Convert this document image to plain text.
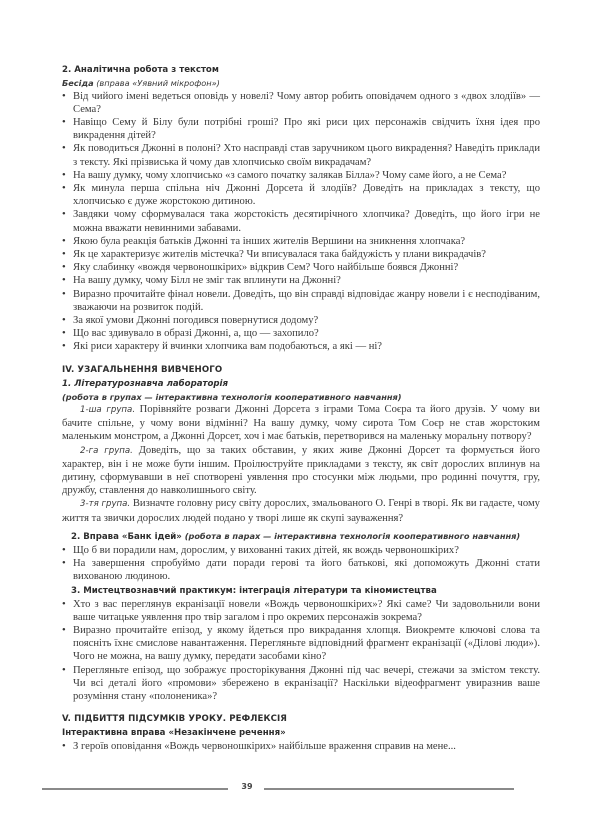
2. Аналітична робота з текстом
Бесіда (вправа «Уявний мікрофон»)
• Від чийого імені ведеться оповідь у новелі? Чому автор робить оповідачем одного з «двох злодіїв» — Сема?
• Навіщо Сему й Білу були потрібні гроші? Про які риси цих персонажів свідчить їхня ідея про викрадення дітей?
• Як поводиться Джонні в полоні? Хто насправді став заручником цього викрадення? Наведіть приклади з тексту. Які прізвиська й чому дав хлопчисько своїм викрадачам?
• На вашу думку, чому хлопчисько «з самого початку залякав Білла»? Чому саме його, а не Сема?
• Як минула перша спільна ніч Джонні Дорсета й злодіїв? Доведіть на прикладах з тексту, що хлопчисько є дуже жорстокою дитиною.
• Завдяки чому сформувалася така жорстокість десятирічного хлопчика? Доведіть, що його ігри не можна вважати невинними забавами.
• Якою була реакція батьків Джонні та інших жителів Вершини на зникнення хлопчака?
• Як це характеризує жителів містечка? Чи вписувалася така байдужість у плани викрадачів?
• Яку слабинку «вождя червоношкірих» відкрив Сем? Чого найбільше боявся Джонні?
• На вашу думку, чому Білл не зміг так вплинути на Джонні?
• Виразно прочитайте фінал новели. Доведіть, що він справді відповідає жанру новели і є несподіваним, зважаючи на розвиток подій.
• За якої умови Джонні погодився повернутися додому?
• Що вас здивувало в образі Джонні, а, що — захопило?
• Які риси характеру й вчинки хлопчика вам подобаються, а які — ні?
IV. УЗАГАЛЬНЕННЯ ВИВЧЕНОГО
1. Літературознавча лабораторія
(робота в групах — інтерактивна технологія кооперативного навчання)

1-ша група. Порівняйте розваги Джонні Дорсета з іграми Тома Соєра та його друзів. У чому ви бачите спільне, у чому вони відмінні? На вашу думку, чому сирота Том Соєр не став жорстоким маленьким монстром, а Джонні Дорсет, хоч і має батьків, перетворився на маленьку моральну потвору?

2-га група. Доведіть, що за таких обставин, у яких живе Джонні Дорсет та формується його характер, він і не може бути іншим. Проілюструйте прикладами з тексту, як світ дорослих вплинув на дитину, сформувавши в неї спотворені уявлення про стосунки між людьми, про родинні почуття, гру, дружбу, ставлення до навколишнього світу.

3-тя група. Визначте головну рису світу дорослих, змальованого О. Генрі в творі. Як ви гадаєте, чому життя та звички дорослих людей подано у творі лише як скупі зауваження?

2. Вправа «Банк ідей» (робота в парах — інтерактивна технологія кооперативного навчання)
• Що б ви порадили нам, дорослим, у вихованні таких дітей, як вождь червоношкірих?
• На завершення спробуймо дати поради герові та його батькові, які допоможуть Джонні стати вихованою людиною.
3. Мистецтвознавчий практикум: інтеграція літератури та кіномистецтва
• Хто з вас переглянув екранізації новели «Вождь червоношкірих»? Які саме? Чи задовольнили вони ваше читацьке уявлення про твір загалом і про окремих персонажів зокрема?
• Виразно прочитайте епізод, у якому йдеться про викрадання хлопця. Виокремте ключові слова та поясніть їхнє смислове навантаження. Перегляньте відповідний фрагмент екранізації («Ділові люди»). Чого не можна, на вашу думку, передати засобами кіно?
• Перегляньте епізод, що зображує просторікування Джонні під час вечері, стежачи за змістом тексту. Чи всі деталі його «промови» збережено в екранізації? Наскільки відеофрагмент увиразнив ваше розуміння стану «полоненика»?
V. ПІДБИТТЯ ПІДСУМКІВ УРОКУ. РЕФЛЕКСІЯ
Інтерактивна вправа «Незакінчене речення»
• З героїв оповідання «Вождь червоношкірих» найбільше враження справив на мене...
39
